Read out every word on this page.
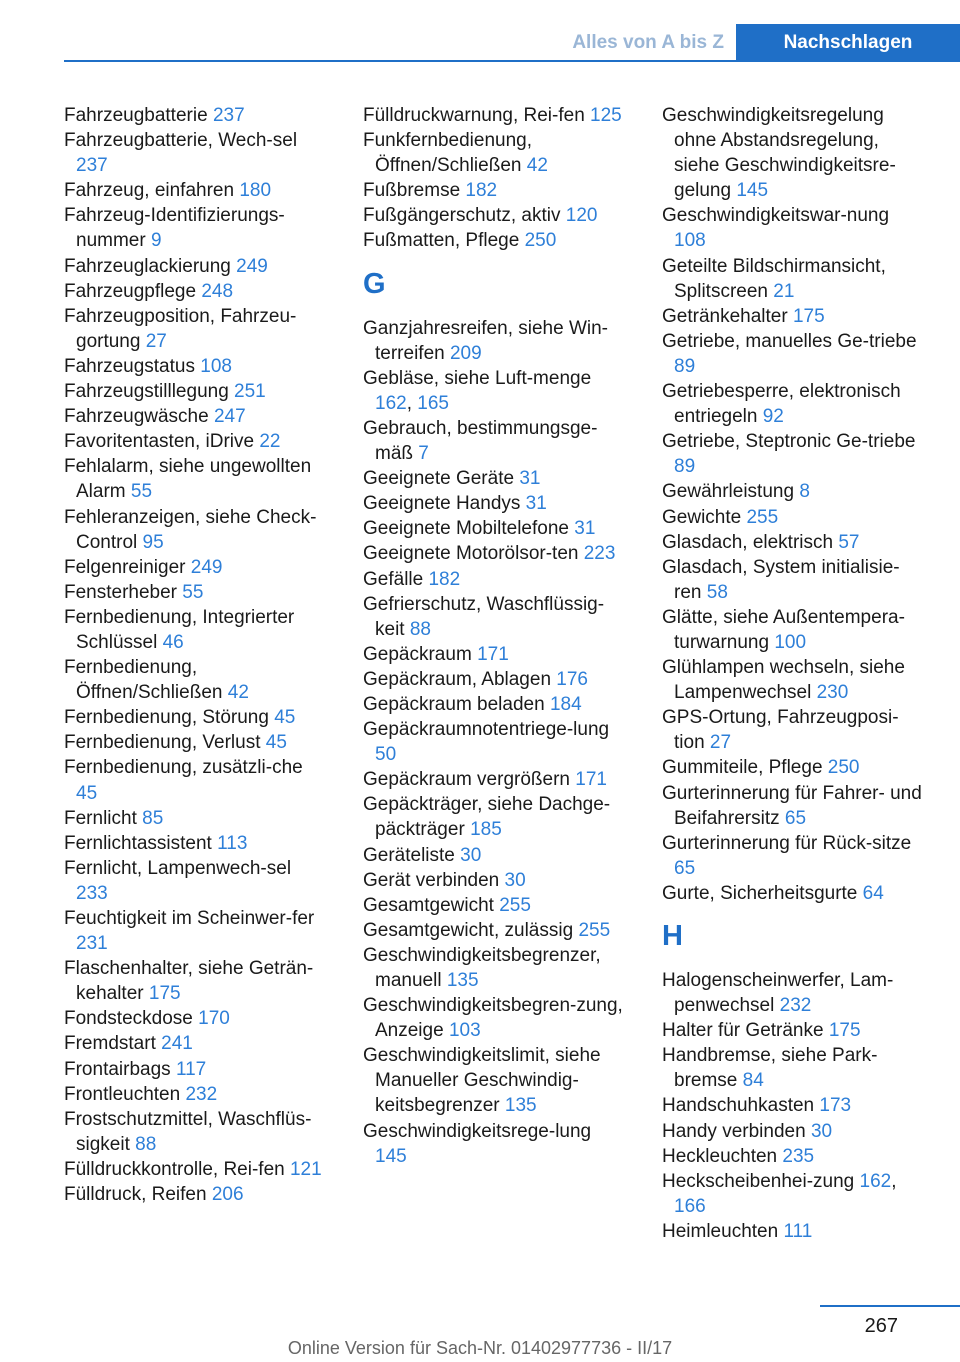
Alles von A bis Z	Nachschlagen
Fahrzeugbatterie 237
Fahrzeugbatterie, Wech-sel 237
Fahrzeug, einfahren 180
Fahrzeug-Identifizierungs-nummer 9
Fahrzeuglackierung 249
Fahrzeugpflege 248
Fahrzeugposition, Fahrzeu-gortung 27
Fahrzeugstatus 108
Fahrzeugstilllegung 251
Fahrzeugwäsche 247
Favoritentasten, iDrive 22
Fehlalarm, siehe ungewollten Alarm 55
Fehleranzeigen, siehe Check-Control 95
Felgenreiniger 249
Fensterheber 55
Fernbedienung, Integrierter Schlüssel 46
Fernbedienung, Öffnen/Schließen 42
Fernbedienung, Störung 45
Fernbedienung, Verlust 45
Fernbedienung, zusätzli-che 45
Fernlicht 85
Fernlichtassistent 113
Fernlicht, Lampenwech-sel 233
Feuchtigkeit im Scheinwer-fer 231
Flaschenhalter, siehe Geträn-kehalter 175
Fondsteckdose 170
Fremdstart 241
Frontairbags 117
Frontleuchten 232
Frostschutzmittel, Waschflüs-sigkeit 88
Fülldruckkontrolle, Rei-fen 121
Fülldruck, Reifen 206
Fülldruckwarnung, Rei-fen 125
Funkfernbedienung, Öffnen/Schließen 42
Fußbremse 182
Fußgängerschutz, aktiv 120
Fußmatten, Pflege 250
G
Ganzjahresreifen, siehe Win-terreifen 209
Gebläse, siehe Luft-menge 162, 165
Gebrauch, bestimmungsge-mäß 7
Geeignete Geräte 31
Geeignete Handys 31
Geeignete Mobiltelefone 31
Geeignete Motorölsor-ten 223
Gefälle 182
Gefrierschutz, Waschflüssig-keit 88
Gepäckraum 171
Gepäckraum, Ablagen 176
Gepäckraum beladen 184
Gepäckraumnotentriege-lung 50
Gepäckraum vergrößern 171
Gepäckträger, siehe Dachge-päckträger 185
Geräteliste 30
Gerät verbinden 30
Gesamtgewicht 255
Gesamtgewicht, zulässig 255
Geschwindigkeitsbegrenzer, manuell 135
Geschwindigkeitsbegren-zung, Anzeige 103
Geschwindigkeitslimit, siehe Manueller Geschwindig-keitsbegrenzer 135
Geschwindigkeitsrege-lung 145
Geschwindigkeitsregelung ohne Abstandsregelung, siehe Geschwindigkeitsre-gelung 145
Geschwindigkeitswar-nung 108
Geteilte Bildschirmansicht, Splitscreen 21
Getränkehalter 175
Getriebe, manuelles Ge-triebe 89
Getriebesperre, elektronisch entriegeln 92
Getriebe, Steptronic Ge-triebe 89
Gewährleistung 8
Gewichte 255
Glasdach, elektrisch 57
Glasdach, System initialisie-ren 58
Glätte, siehe Außentempera-turwarnung 100
Glühlampen wechseln, siehe Lampenwechsel 230
GPS-Ortung, Fahrzeugposi-tion 27
Gummiteile, Pflege 250
Gurterinnerung für Fahrer- und Beifahrersitz 65
Gurterinnerung für Rück-sitze 65
Gurte, Sicherheitsgurte 64
H
Halogenscheinwerfer, Lam-penwechsel 232
Halter für Getränke 175
Handbremse, siehe Park-bremse 84
Handschuhkasten 173
Handy verbinden 30
Heckleuchten 235
Heckscheibenhei-zung 162, 166
Heimleuchten 111
267
Online Version für Sach-Nr. 01402977736 - II/17
